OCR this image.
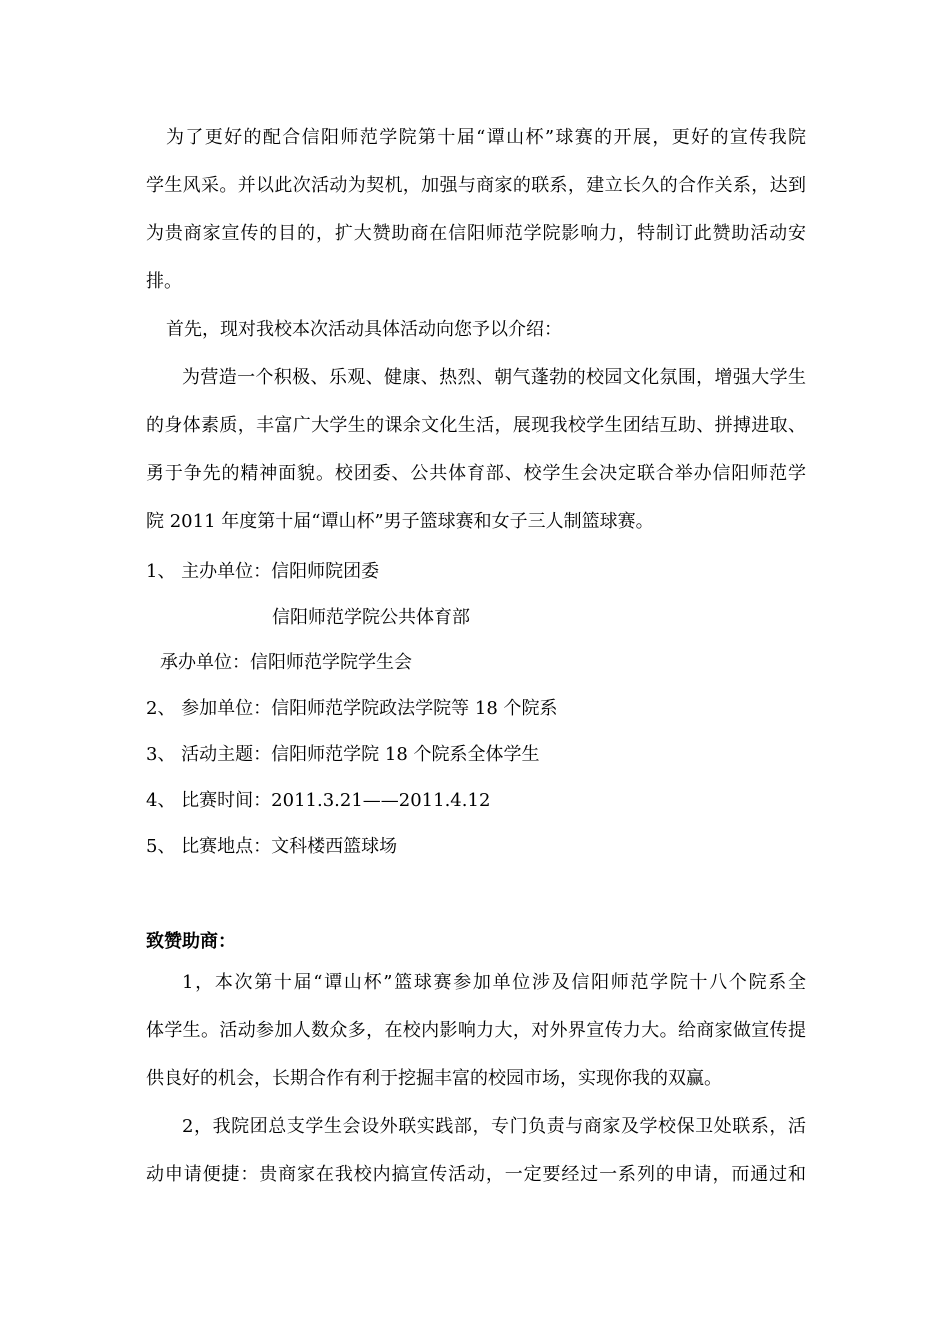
为了更好的配合信阳师范学院第十届“谭山杯”球赛的开展，更好的宣传我院
学生风采。并以此次活动为契机，加强与商家的联系，建立长久的合作关系，达到
为贵商家宣传的目的，扩大赞助商在信阳师范学院影响力，特制订此赞助活动安
排。
首先，现对我校本次活动具体活动向您予以介绍：
为营造一个积极、乐观、健康、热烈、朝气蓬勃的校园文化氛围，增强大学生
的身体素质，丰富广大学生的课余文化生活，展现我校学生团结互助、拼搏进取、
勇于争先的精神面貌。校团委、公共体育部、校学生会决定联合举办信阳师范学
院 2011 年度第十届“谭山杯”男子篮球赛和女子三人制篮球赛。
1、 主办单位：信阳师院团委
信阳师范学院公共体育部
承办单位：信阳师范学院学生会
2、 参加单位：信阳师范学院政法学院等 18 个院系
3、 活动主题：信阳师范学院 18 个院系全体学生
4、 比赛时间：2011.3.21——2011.4.12
5、 比赛地点：文科楼西篮球场
致赞助商：
1，本次第十届“谭山杯”篮球赛参加单位涉及信阳师范学院十八个院系全
体学生。活动参加人数众多，在校内影响力大，对外界宣传力大。给商家做宣传提
供良好的机会，长期合作有利于挖掘丰富的校园市场，实现你我的双赢。
2，我院团总支学生会设外联实践部，专门负责与商家及学校保卫处联系，活
动申请便捷：贵商家在我校内搞宣传活动，一定要经过一系列的申请，而通过和
